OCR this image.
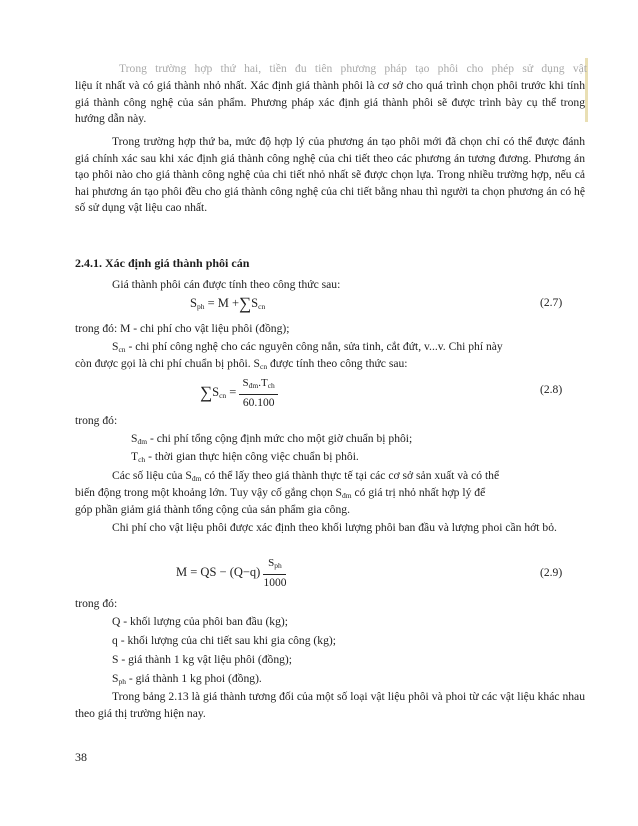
Trong trường hợp thứ hai, tiền đu tiên phương pháp tạo phôi cho phép sử dụng vật
liệu ít nhất và có giá thành nhỏ nhất. Xác định giá thành phôi là cơ sở cho quá trình chọn phôi trước khi tính giá thành công nghệ của sản phẩm. Phương pháp xác định giá thành phôi sẽ được trình bày cụ thể trong hướng dẫn này.
Trong trường hợp thứ ba, mức độ hợp lý của phương án tạo phôi mới đã chọn chỉ có thể được đánh giá chính xác sau khi xác định giá thành công nghệ của chi tiết theo các phương án tương đương. Phương án tạo phôi nào cho giá thành công nghệ của chi tiết nhỏ nhất sẽ được chọn lựa. Trong nhiều trường hợp, nếu cả hai phương án tạo phôi đều cho giá thành công nghệ của chi tiết bằng nhau thì người ta chọn phương án có hệ số sử dụng vật liệu cao nhất.
2.4.1. Xác định giá thành phôi cán
Giá thành phôi cán được tính theo công thức sau:
$S_{ph} = M +\sum S_{cn}$	(2.7)
trong đó: M - chi phí cho vật liệu phôi (đồng);
$S_{cn}$ - chi phí công nghệ cho các nguyên công nắn, sửa tinh, cắt đứt, v...v. Chi phí này
còn được gọi là chi phí chuẩn bị phôi. $S_{cn}$ được tính theo công thức sau:
$\sum S_{cn} = \frac{S_{đm}.T_{ch}}{60.100}$	(2.8)
trong đó:
$S_{đm}$ - chi phí tổng cộng định mức cho một giờ chuẩn bị phôi;
$T_{ch}$ - thời gian thực hiện công việc chuẩn bị phôi.
Các số liệu của $S_{đm}$ có thể lấy theo giá thành thực tế tại các cơ sở sản xuất và có thể
biến động trong một khoảng lớn. Tuy vậy cố gắng chọn $S_{đm}$ có giá trị nhỏ nhất hợp lý để
góp phần giảm giá thành tổng cộng của sản phẩm gia công.
Chi phí cho vật liệu phôi được xác định theo khối lượng phôi ban đầu và lượng phoi cần hớt bỏ.
M = QS − $(Q-q) \frac{S_{ph}}{1000}$	(2.9)
trong đó:
Q - khối lượng của phôi ban đầu (kg);
q - khối lượng của chi tiết sau khi gia công (kg);
S - giá thành 1 kg vật liệu phôi (đồng);
$S_{ph}$ - giá thành 1 kg phoi (đồng).
Trong bảng 2.13 là giá thành tương đối của một số loại vật liệu phôi và phoi từ các vật liệu khác nhau theo giá thị trường hiện nay.
38
